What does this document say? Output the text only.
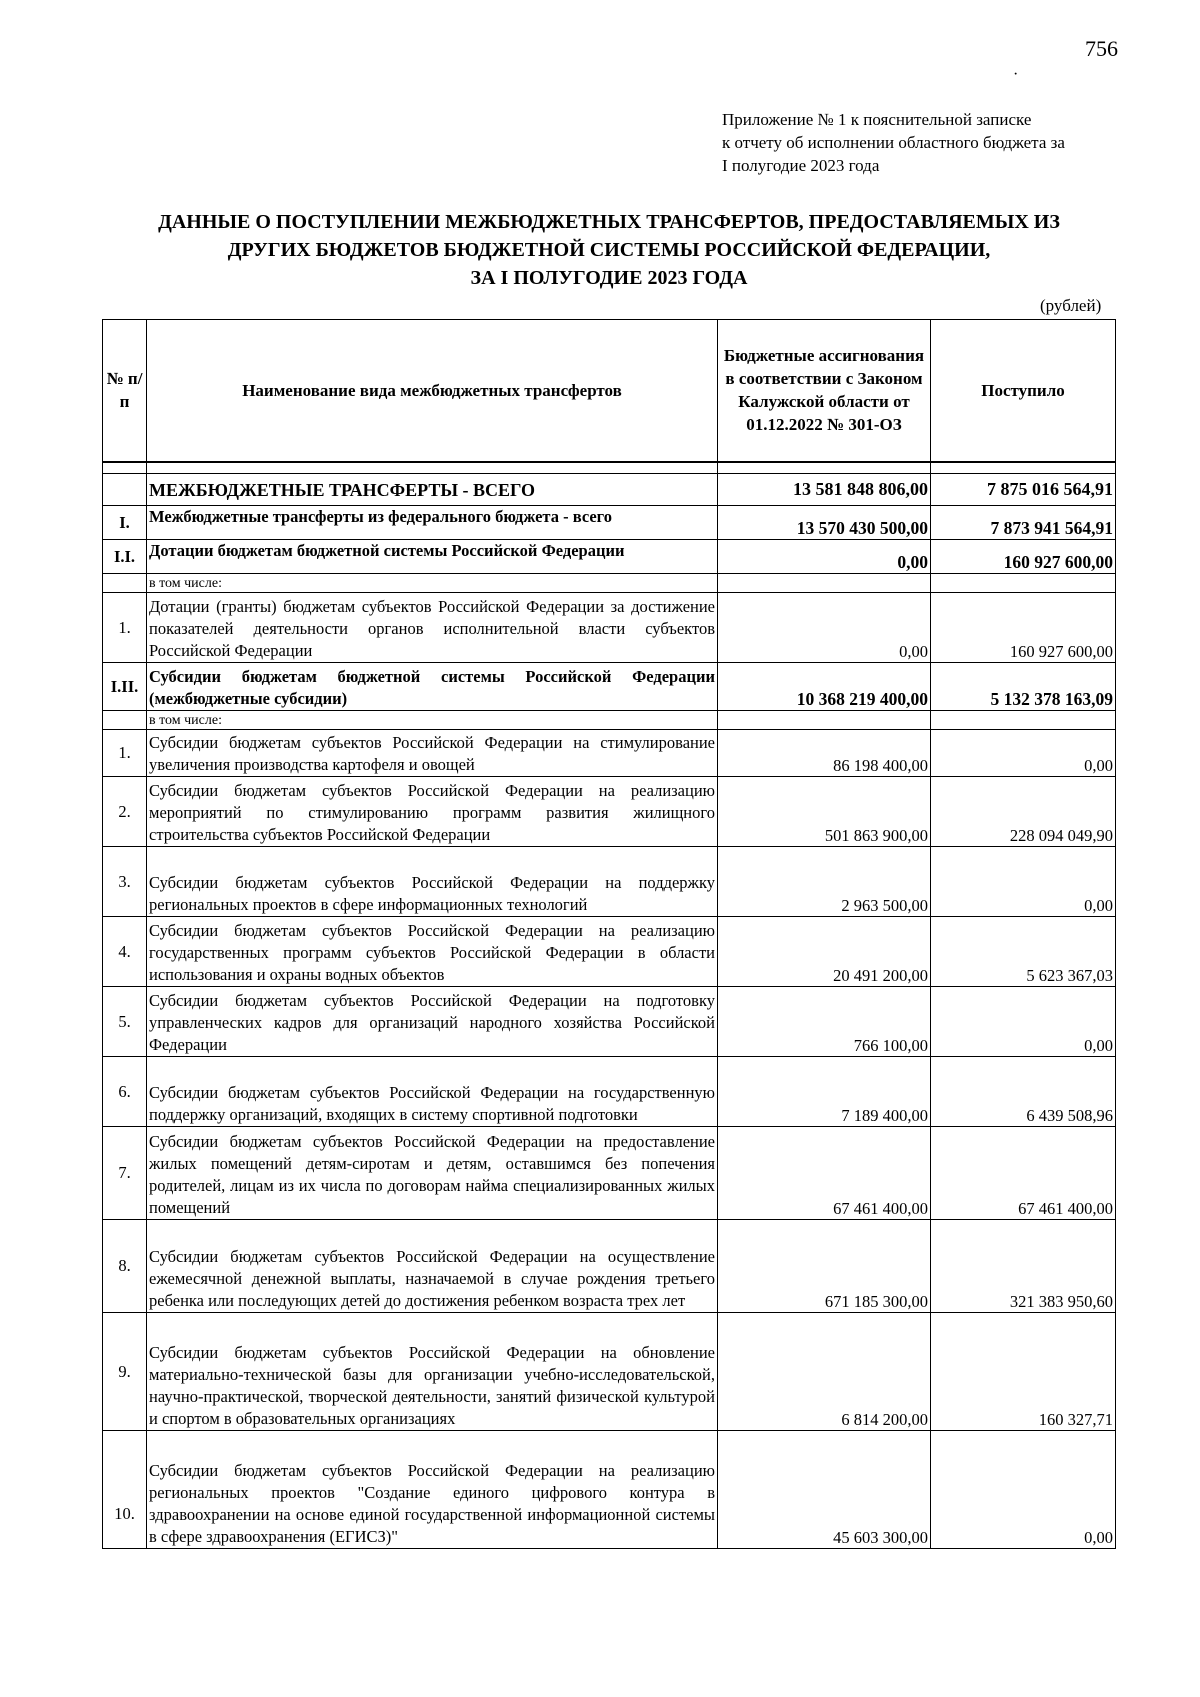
756
·
Приложение № 1 к пояснительной записке
к отчету об исполнении областного бюджета за
I полугодие 2023 года
ДАННЫЕ О ПОСТУПЛЕНИИ МЕЖБЮДЖЕТНЫХ ТРАНСФЕРТОВ, ПРЕДОСТАВЛЯЕМЫХ ИЗ
ДРУГИХ БЮДЖЕТОВ БЮДЖЕТНОЙ СИСТЕМЫ РОССИЙСКОЙ ФЕДЕРАЦИИ,
ЗА I ПОЛУГОДИЕ 2023 ГОДА
(рублей)
№ п/п	Наименование вида межбюджетных трансфертов	Бюджетные ассигнования в соответствии с Законом Калужской области от 01.12.2022 № 301-ОЗ	Поступило

	МЕЖБЮДЖЕТНЫЕ ТРАНСФЕРТЫ - ВСЕГО	13 581 848 806,00	7 875 016 564,91
I.	Межбюджетные трансферты из федерального бюджета - всего	13 570 430 500,00	7 873 941 564,91
I.I.	Дотации бюджетам бюджетной системы Российской Федерации	0,00	160 927 600,00
	в том числе:		
1.	Дотации (гранты) бюджетам субъектов Российской Федерации за достижение показателей деятельности органов исполнительной власти субъектов Российской Федерации	0,00	160 927 600,00
I.II.	Субсидии бюджетам бюджетной системы Российской Федерации (межбюджетные субсидии)	10 368 219 400,00	5 132 378 163,09
	в том числе:		
1.	Субсидии бюджетам субъектов Российской Федерации на стимулирование увеличения производства картофеля и овощей	86 198 400,00	0,00
2.	Субсидии бюджетам субъектов Российской Федерации на реализацию мероприятий по стимулированию программ развития жилищного строительства субъектов Российской Федерации	501 863 900,00	228 094 049,90
3.	Субсидии бюджетам субъектов Российской Федерации на поддержку региональных проектов в сфере информационных технологий	2 963 500,00	0,00
4.	Субсидии бюджетам субъектов Российской Федерации на реализацию государственных программ субъектов Российской Федерации в области использования и охраны водных объектов	20 491 200,00	5 623 367,03
5.	Субсидии бюджетам субъектов Российской Федерации на подготовку управленческих кадров для организаций народного хозяйства Российской Федерации	766 100,00	0,00
6.	Субсидии бюджетам субъектов Российской Федерации на государственную поддержку организаций, входящих в систему спортивной подготовки	7 189 400,00	6 439 508,96
7.	Субсидии бюджетам субъектов Российской Федерации на предоставление жилых помещений детям-сиротам и детям, оставшимся без попечения родителей, лицам из их числа по договорам найма специализированных жилых помещений	67 461 400,00	67 461 400,00
8.	Субсидии бюджетам субъектов Российской Федерации на осуществление ежемесячной денежной выплаты, назначаемой в случае рождения третьего ребенка или последующих детей до достижения ребенком возраста трех лет	671 185 300,00	321 383 950,60
9.	Субсидии бюджетам субъектов Российской Федерации на обновление материально-технической базы для организации учебно-исследовательской, научно-практической, творческой деятельности, занятий физической культурой и спортом в образовательных организациях	6 814 200,00	160 327,71
10.	Субсидии бюджетам субъектов Российской Федерации на реализацию региональных проектов "Создание единого цифрового контура в здравоохранении на основе единой государственной информационной системы в сфере здравоохранения (ЕГИСЗ)"	45 603 300,00	0,00
